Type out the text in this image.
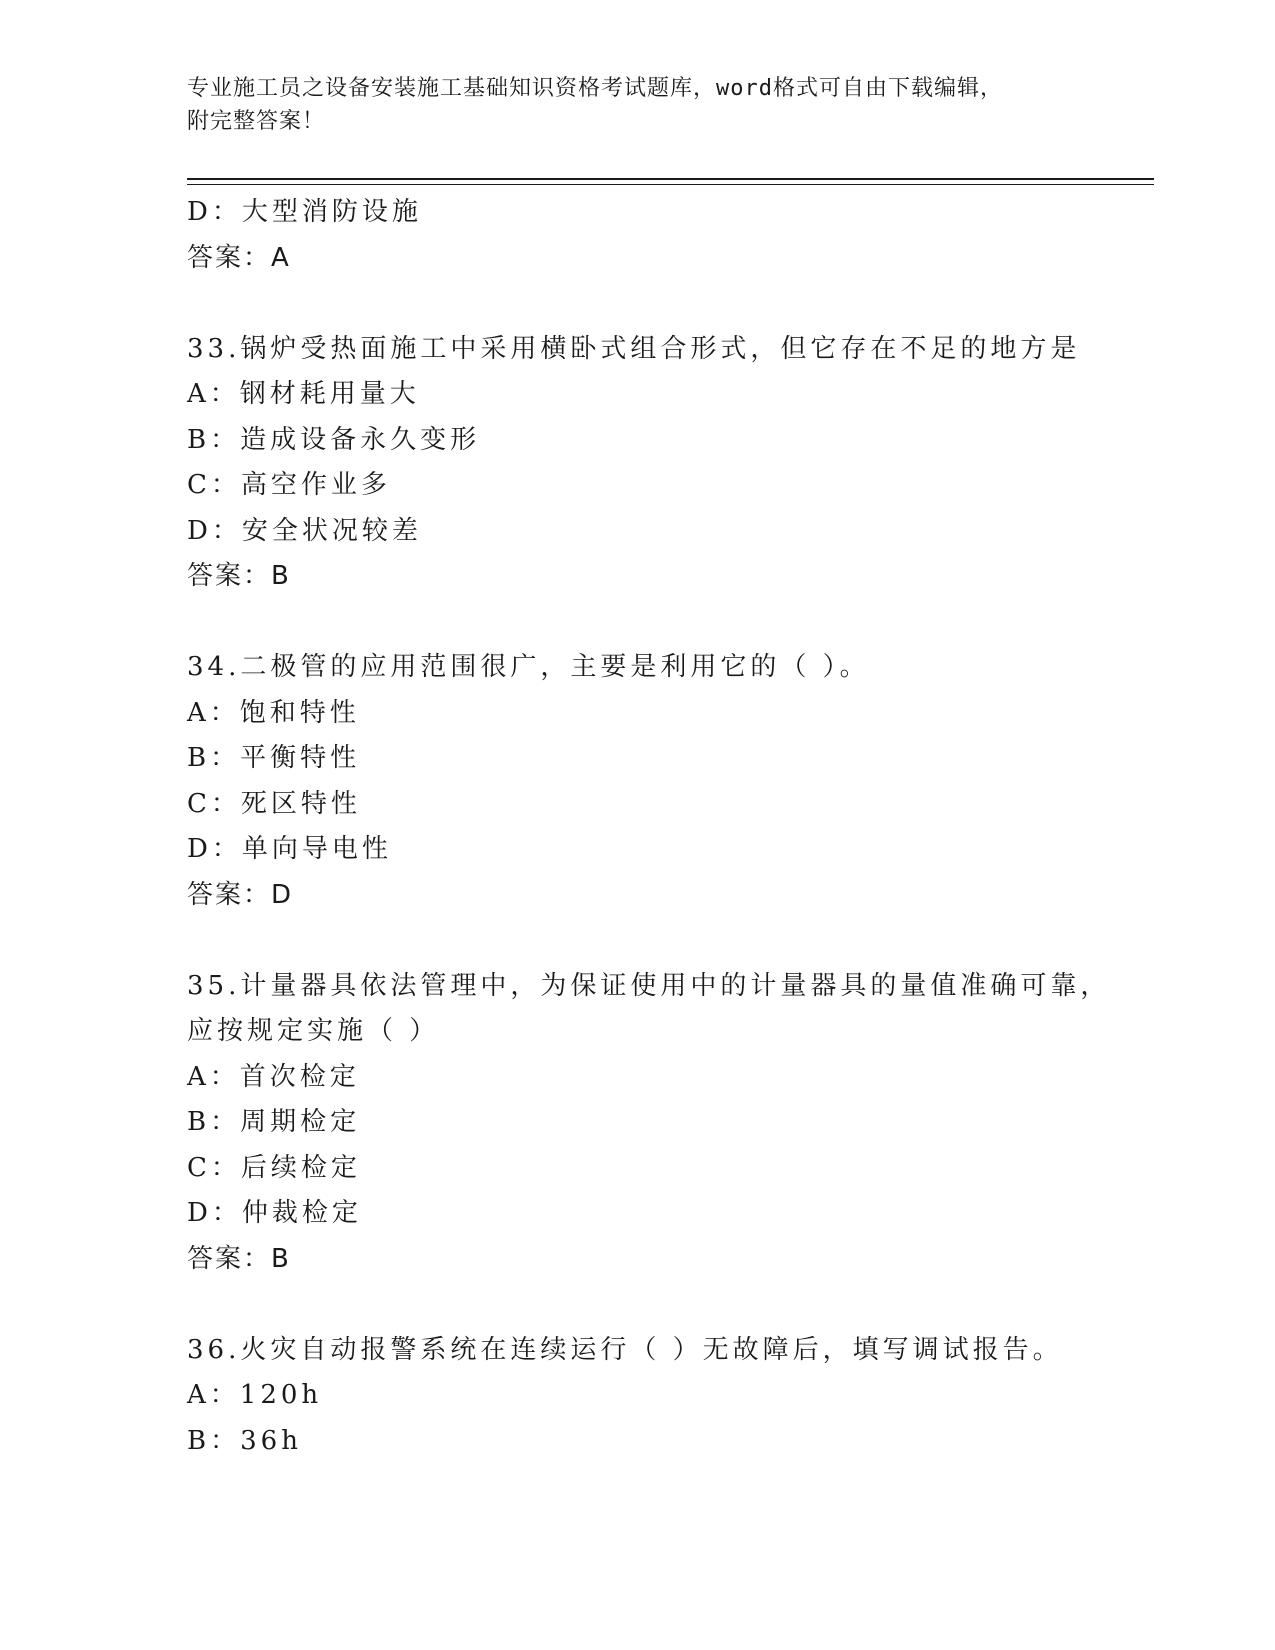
专业施工员之设备安装施工基础知识资格考试题库，word格式可自由下载编辑，
附完整答案！
D：大型消防设施
答案：A
33.锅炉受热面施工中采用横卧式组合形式，但它存在不足的地方是
A：钢材耗用量大
B：造成设备永久变形
C：高空作业多
D：安全状况较差
答案：B
34.二极管的应用范围很广，主要是利用它的（ ）。
A：饱和特性
B：平衡特性
C：死区特性
D：单向导电性
答案：D
35.计量器具依法管理中，为保证使用中的计量器具的量值准确可靠，
应按规定实施（ ）
A：首次检定
B：周期检定
C：后续检定
D：仲裁检定
答案：B
36.火灾自动报警系统在连续运行（ ）无故障后，填写调试报告。
A：120h
B：36h
